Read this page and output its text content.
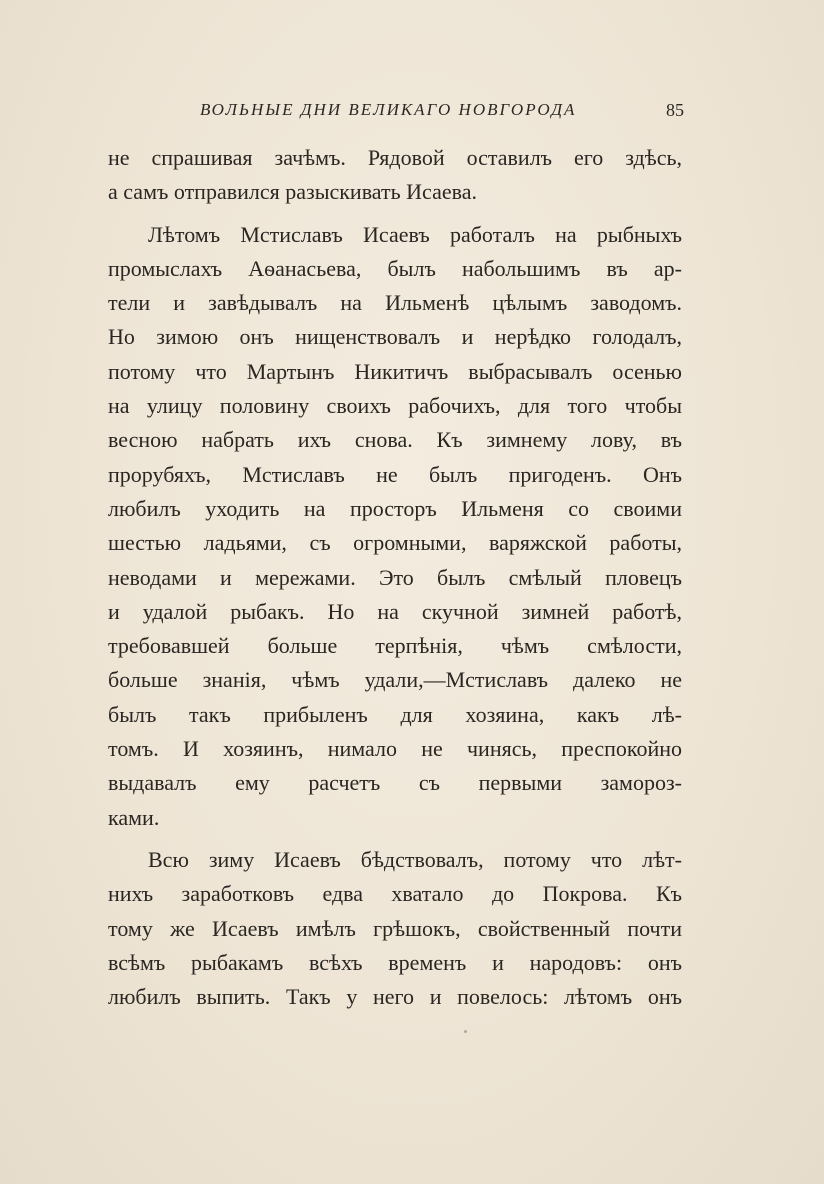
ВОЛЬНЫЕ ДНИ ВЕЛИКАГО НОВГОРОДА	85
не спрашивая зачѣмъ. Рядовой оставилъ его здѣсь,
а самъ отправился разыскивать Исаева.
Лѣтомъ Мстиславъ Исаевъ работалъ на рыбныхъ
промыслахъ Аѳанасьева, былъ набольшимъ въ ар-
тели и завѣдывалъ на Ильменѣ цѣлымъ заводомъ.
Но зимою онъ нищенствовалъ и нерѣдко голодалъ,
потому что Мартынъ Никитичъ выбрасывалъ осенью
на улицу половину своихъ рабочихъ, для того чтобы
весною набрать ихъ снова. Къ зимнему лову, въ
прорубяхъ, Мстиславъ не былъ пригоденъ. Онъ
любилъ уходить на просторъ Ильменя со своими
шестью ладьями, съ огромными, варяжской работы,
неводами и мережами. Это былъ смѣлый пловецъ
и удалой рыбакъ. Но на скучной зимней работѣ,
требовавшей больше терпѣнія, чѣмъ смѣлости,
больше знанія, чѣмъ удали,—Мстиславъ далеко не
былъ такъ прибыленъ для хозяина, какъ лѣ-
томъ. И хозяинъ, нимало не чинясь, преспокойно
выдавалъ ему расчетъ съ первыми замороз-
ками.
Всю зиму Исаевъ бѣдствовалъ, потому что лѣт-
нихъ заработковъ едва хватало до Покрова. Къ
тому же Исаевъ имѣлъ грѣшокъ, свойственный почти
всѣмъ рыбакамъ всѣхъ временъ и народовъ: онъ
любилъ выпить. Такъ у него и повелось: лѣтомъ онъ
